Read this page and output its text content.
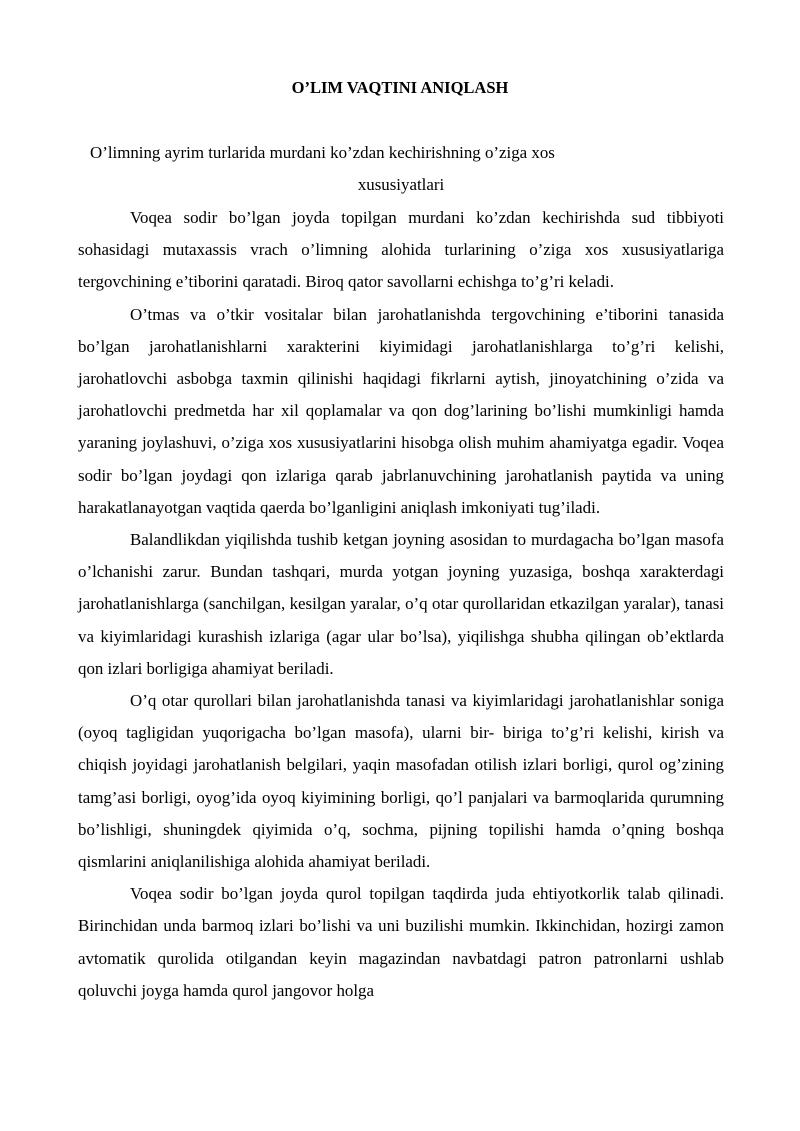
O’LIM VAQTINI ANIQLASH
O’limning ayrim turlarida murdani ko’zdan kechirishning o’ziga xos
xususiyatlari

Voqea sodir bo’lgan joyda topilgan murdani ko’zdan kechirishda sud tibbiyoti sohasidagi mutaxassis vrach o’limning alohida turlarining o’ziga xos xususiyatlariga tergovchining e’tiborini qaratadi. Biroq qator savollarni echishga to’g’ri keladi.

O’tmas va o’tkir vositalar bilan jarohatlanishda tergovchining e’tiborini tanasida bo’lgan jarohatlanishlarni xarakterini kiyimidagi jarohatlanishlarga to’g’ri kelishi, jarohatlovchi asbobga taxmin qilinishi haqidagi fikrlarni aytish, jinoyatchining o’zida va jarohatlovchi predmetda har xil qoplamalar va qon dog’larining bo’lishi mumkinligi hamda yaraning joylashuvi, o’ziga xos xususiyatlarini hisobga olish muhim ahamiyatga egadir. Voqea sodir bo’lgan joydagi qon izlariga qarab jabrlanuvchining jarohatlanish paytida va uning harakatlanayotgan vaqtida qaerda bo’lganligini aniqlash imkoniyati tug’iladi.

Balandlikdan yiqilishda tushib ketgan joyning asosidan to murdagacha bo’lgan masofa o’lchanishi zarur. Bundan tashqari, murda yotgan joyning yuzasiga, boshqa xarakterdagi jarohatlanishlarga (sanchilgan, kesilgan yaralar, o’q otar qurollaridan etkazilgan yaralar), tanasi va kiyimlaridagi kurashish izlariga (agar ular bo’lsa), yiqilishga shubha qilingan ob’ektlarda qon izlari borligiga ahamiyat beriladi.

O’q otar qurollari bilan jarohatlanishda tanasi va kiyimlaridagi jarohatlanishlar soniga (oyoq tagligidan yuqorigacha bo’lgan masofa), ularni bir- biriga to’g’ri kelishi, kirish va chiqish joyidagi jarohatlanish belgilari, yaqin masofadan otilish izlari borligi, qurol og’zining tamg’asi borligi, oyog’ida oyoq kiyimining borligi, qo’l panjalari va barmoqlarida qurumning bo’lishligi, shuningdek qiyimida o’q, sochma, pijning topilishi hamda o’qning boshqa qismlarini aniqlanilishiga alohida ahamiyat beriladi.

Voqea sodir bo’lgan joyda qurol topilgan taqdirda juda ehtiyotkorlik talab qilinadi. Birinchidan unda barmoq izlari bo’lishi va uni buzilishi mumkin. Ikkinchidan, hozirgi zamon avtomatik qurolida otilgandan keyin magazindan navbatdagi patron patronlarni ushlab qoluvchi joyga hamda qurol jangovor holga
